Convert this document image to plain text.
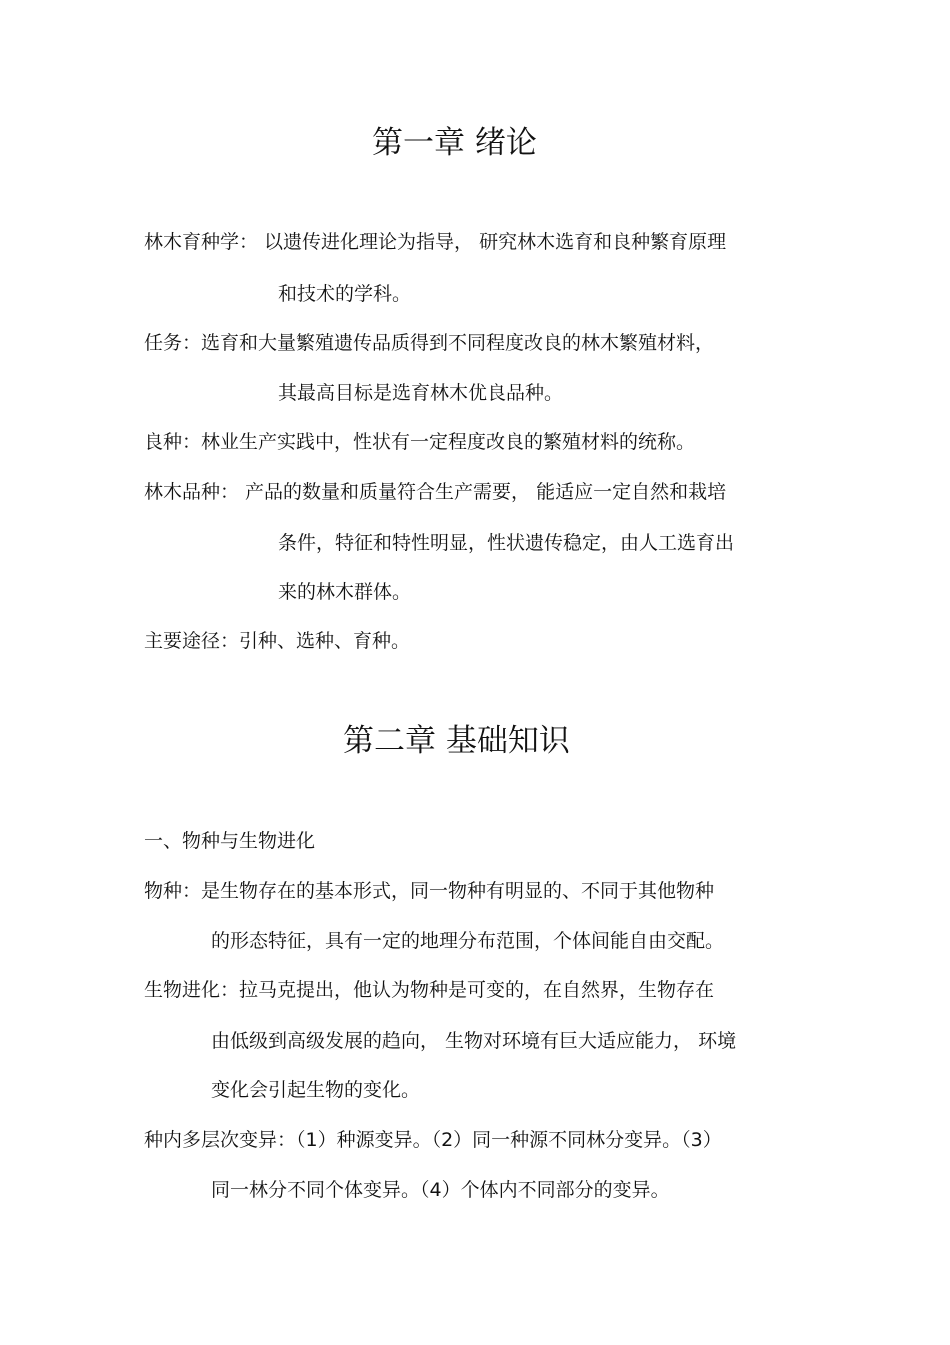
第一章 绪论
林木育种学： 以遗传进化理论为指导， 研究林木选育和良种繁育原理
和技术的学科。
任务：选育和大量繁殖遗传品质得到不同程度改良的林木繁殖材料，
其最高目标是选育林木优良品种。
良种：林业生产实践中，性状有一定程度改良的繁殖材料的统称。
林木品种： 产品的数量和质量符合生产需要， 能适应一定自然和栽培
条件，特征和特性明显，性状遗传稳定，由人工选育出
来的林木群体。
主要途径：引种、选种、育种。
第二章 基础知识
一、物种与生物进化
物种：是生物存在的基本形式，同一物种有明显的、不同于其他物种
的形态特征，具有一定的地理分布范围，个体间能自由交配。
生物进化：拉马克提出，他认为物种是可变的，在自然界，生物存在
由低级到高级发展的趋向， 生物对环境有巨大适应能力， 环境
变化会引起生物的变化。
种内多层次变异：（1）种源变异。（2）同一种源不同林分变异。（3）
同一林分不同个体变异。（4）个体内不同部分的变异。
